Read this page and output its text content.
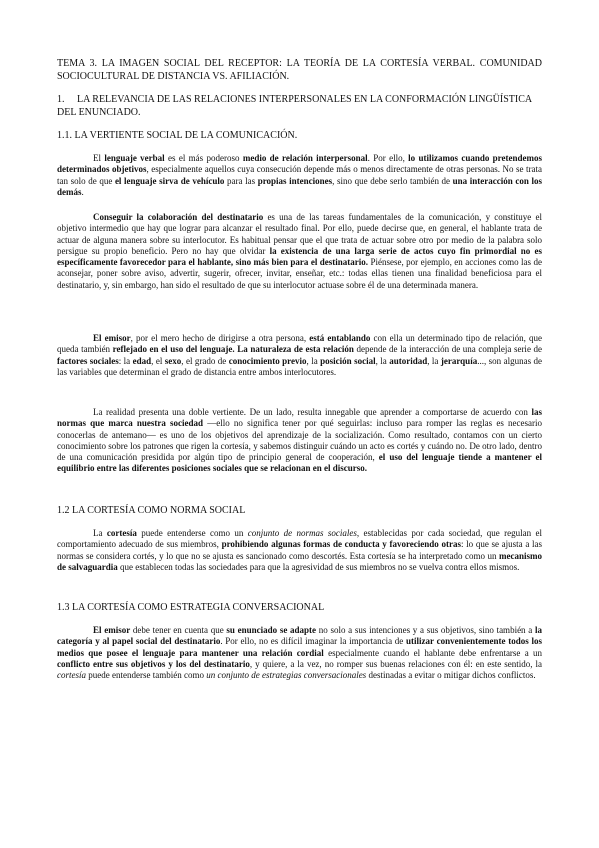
TEMA 3. LA IMAGEN SOCIAL DEL RECEPTOR: LA TEORÍA DE LA CORTESÍA VERBAL. COMUNIDAD SOCIOCULTURAL DE DISTANCIA VS. AFILIACIÓN.
1. LA RELEVANCIA DE LAS RELACIONES INTERPERSONALES EN LA CONFORMACIÓN LINGÜÍSTICA DEL ENUNCIADO.
1.1. LA VERTIENTE SOCIAL DE LA COMUNICACIÓN.

El lenguaje verbal es el más poderoso medio de relación interpersonal. Por ello, lo utilizamos cuando pretendemos determinados objetivos, especialmente aquellos cuya consecución depende más o menos directamente de otras personas. No se trata tan solo de que el lenguaje sirva de vehículo para las propias intenciones, sino que debe serlo también de una interacción con los demás.

Conseguir la colaboración del destinatario es una de las tareas fundamentales de la comunicación, y constituye el objetivo intermedio que hay que lograr para alcanzar el resultado final. Por ello, puede decirse que, en general, el hablante trata de actuar de alguna manera sobre su interlocutor. Es habitual pensar que el que trata de actuar sobre otro por medio de la palabra solo persigue su propio beneficio. Pero no hay que olvidar la existencia de una larga serie de actos cuyo fin primordial no es específicamente favorecedor para el hablante, sino más bien para el destinatario. Piénsese, por ejemplo, en acciones como las de aconsejar, poner sobre aviso, advertir, sugerir, ofrecer, invitar, enseñar, etc.: todas ellas tienen una finalidad beneficiosa para el destinatario, y, sin embargo, han sido el resultado de que su interlocutor actuase sobre él de una determinada manera.

El emisor, por el mero hecho de dirigirse a otra persona, está entablando con ella un determinado tipo de relación, que queda también reflejado en el uso del lenguaje. La naturaleza de esta relación depende de la interacción de una compleja serie de factores sociales: la edad, el sexo, el grado de conocimiento previo, la posición social, la autoridad, la jerarquía..., son algunas de las variables que determinan el grado de distancia entre ambos interlocutores.

La realidad presenta una doble vertiente. De un lado, resulta innegable que aprender a comportarse de acuerdo con las normas que marca nuestra sociedad —ello no significa tener por qué seguirlas: incluso para romper las reglas es necesario conocerlas de antemano— es uno de los objetivos del aprendizaje de la socialización. Como resultado, contamos con un cierto conocimiento sobre los patrones que rigen la cortesía, y sabemos distinguir cuándo un acto es cortés y cuándo no. De otro lado, dentro de una comunicación presidida por algún tipo de principio general de cooperación, el uso del lenguaje tiende a mantener el equilibrio entre las diferentes posiciones sociales que se relacionan en el discurso.

1.2 LA CORTESÍA COMO NORMA SOCIAL

La cortesía puede entenderse como un conjunto de normas sociales, establecidas por cada sociedad, que regulan el comportamiento adecuado de sus miembros, prohibiendo algunas formas de conducta y favoreciendo otras: lo que se ajusta a las normas se considera cortés, y lo que no se ajusta es sancionado como descortés. Esta cortesía se ha interpretado como un mecanismo de salvaguardia que establecen todas las sociedades para que la agresividad de sus miembros no se vuelva contra ellos mismos.

1.3 LA CORTESÍA COMO ESTRATEGIA CONVERSACIONAL

El emisor debe tener en cuenta que su enunciado se adapte no solo a sus intenciones y a sus objetivos, sino también a la categoría y al papel social del destinatario. Por ello, no es difícil imaginar la importancia de utilizar convenientemente todos los medios que posee el lenguaje para mantener una relación cordial especialmente cuando el hablante debe enfrentarse a un conflicto entre sus objetivos y los del destinatario, y quiere, a la vez, no romper sus buenas relaciones con él: en este sentido, la cortesía puede entenderse también como un conjunto de estrategias conversacionales destinadas a evitar o mitigar dichos conflictos.
